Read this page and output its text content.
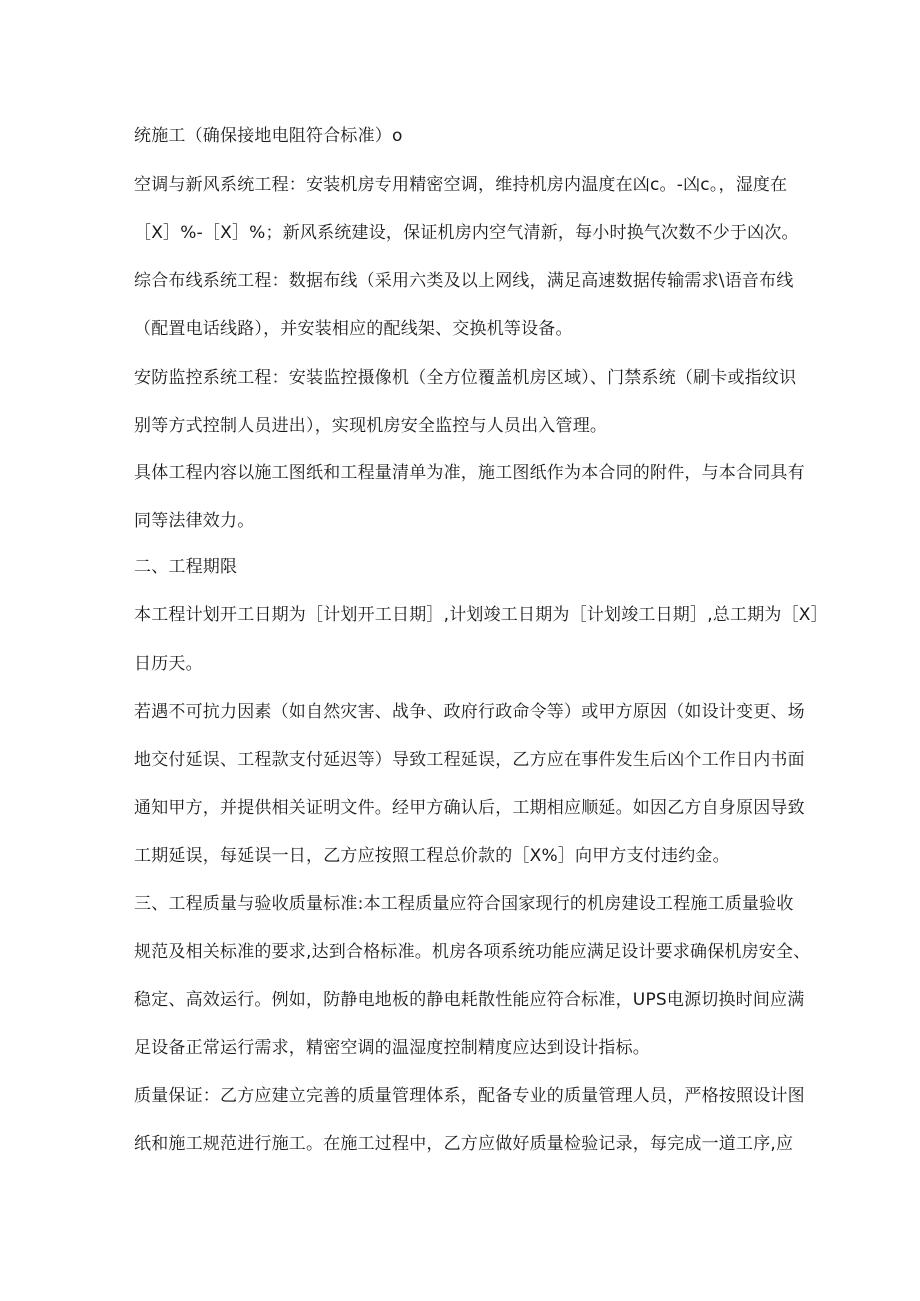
统施工（确保接地电阻符合标准）o
空调与新风系统工程：安装机房专用精密空调，维持机房内温度在凶c。-凶c。，湿度在
［X］%-［X］%；新风系统建设，保证机房内空气清新，每小时换气次数不少于凶次。
综合布线系统工程：数据布线（采用六类及以上网线，满足高速数据传输需求\语音布线
（配置电话线路），并安装相应的配线架、交换机等设备。
安防监控系统工程：安装监控摄像机（全方位覆盖机房区域）、门禁系统（刷卡或指纹识
别等方式控制人员进出），实现机房安全监控与人员出入管理。
具体工程内容以施工图纸和工程量清单为准，施工图纸作为本合同的附件，与本合同具有
同等法律效力。
二、工程期限
本工程计划开工日期为［计划开工日期］,计划竣工日期为［计划竣工日期］,总工期为［X］
日历天。
若遇不可抗力因素（如自然灾害、战争、政府行政命令等）或甲方原因（如设计变更、场
地交付延误、工程款支付延迟等）导致工程延误，乙方应在事件发生后凶个工作日内书面
通知甲方，并提供相关证明文件。经甲方确认后，工期相应顺延。如因乙方自身原因导致
工期延误，每延误一日，乙方应按照工程总价款的［X%］向甲方支付违约金。
三、工程质量与验收质量标准:本工程质量应符合国家现行的机房建设工程施工质量验收
规范及相关标准的要求,达到合格标准。机房各项系统功能应满足设计要求确保机房安全、
稳定、高效运行。例如，防静电地板的静电耗散性能应符合标准，UPS电源切换时间应满
足设备正常运行需求，精密空调的温湿度控制精度应达到设计指标。
质量保证：乙方应建立完善的质量管理体系，配备专业的质量管理人员，严格按照设计图
纸和施工规范进行施工。在施工过程中，乙方应做好质量检验记录，每完成一道工序,应
